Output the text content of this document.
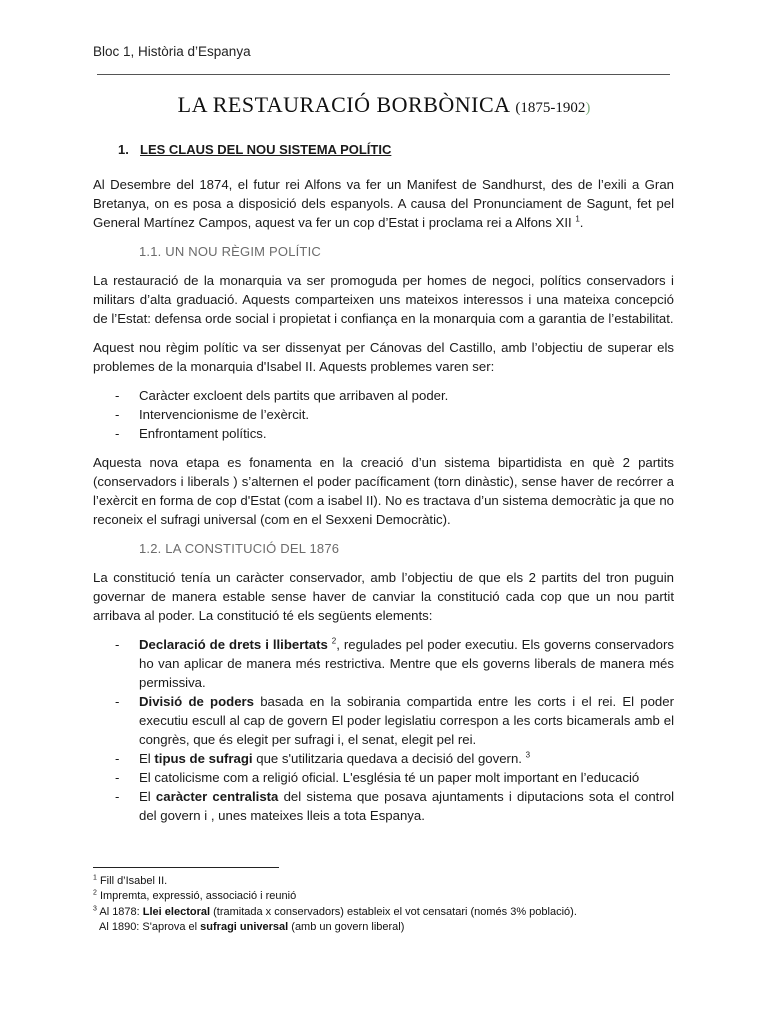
Bloc 1, Història d’Espanya
LA RESTAURACIÓ BORBÒNICA (1875-1902)
1. LES CLAUS DEL NOU SISTEMA POLÍTIC

Al Desembre del 1874, el futur rei Alfons va fer un Manifest de Sandhurst, des de l’exili a Gran Bretanya, on es posa a disposició dels espanyols. A causa del Pronunciament de Sagunt, fet pel General Martínez Campos, aquest va fer un cop d’Estat i proclama rei a Alfons XII $^1$.

1.1. UN NOU RÈGIM POLÍTIC

La restauració de la monarquia va ser promoguda per homes de negoci, polítics conservadors i militars d’alta graduació. Aquests comparteixen uns mateixos interessos i una mateixa concepció de l’Estat: defensa orde social i propietat i confiança en la monarquia com a garantia de l’estabilitat.

Aquest nou règim polític va ser dissenyat per Cánovas del Castillo, amb l’objectiu de superar els problemes de la monarquia d'Isabel II. Aquests problemes varen ser:

- Caràcter excloent dels partits que arribaven al poder.
- Intervencionisme de l’exèrcit.
- Enfrontament polítics.

Aquesta nova etapa es fonamenta en la creació d’un sistema bipartidista en què 2 partits (conservadors i liberals ) s’alternen el poder pacíficament (torn dinàstic), sense haver de recórrer a l’exèrcit en forma de cop d'Estat (com a isabel II). No es tractava d’un sistema democràtic ja que no reconeix el sufragi universal (com en el Sexxeni Democràtic).

1.2. LA CONSTITUCIÓ DEL 1876

La constitució tenía un caràcter conservador, amb l’objectiu de que els 2 partits del tron puguin governar de manera estable sense haver de canviar la constitució cada cop que un nou partit arribava al poder. La constitució té els següents elements:

- Declaració de drets i llibertats $^2$, regulades pel poder executiu. Els governs conservadors ho van aplicar de manera més restrictiva. Mentre que els governs liberals de manera més permissiva.
- Divisió de poders basada en la sobirania compartida entre les corts i el rei. El poder executiu escull al cap de govern El poder legislatiu correspon a les corts bicamerals amb el congrès, que és elegit per sufragi i, el senat, elegit pel rei.
- El tipus de sufragi que s'utilitzaria quedava a decisió del govern. $^3$
- El catolicisme com a religió oficial. L'església té un paper molt important en l’educació
- El caràcter centralista del sistema que posava ajuntaments i diputacions sota el control del govern i , unes mateixes lleis a tota Espanya.
$^1$ Fill d’Isabel II.
$^2$ Impremta, expressió, associació i reunió
$^3$ Al 1878: Llei electoral (tramitada x conservadors) estableix el vot censatari (només 3% població).
Al 1890: S'aprova el sufragi universal (amb un govern liberal)
